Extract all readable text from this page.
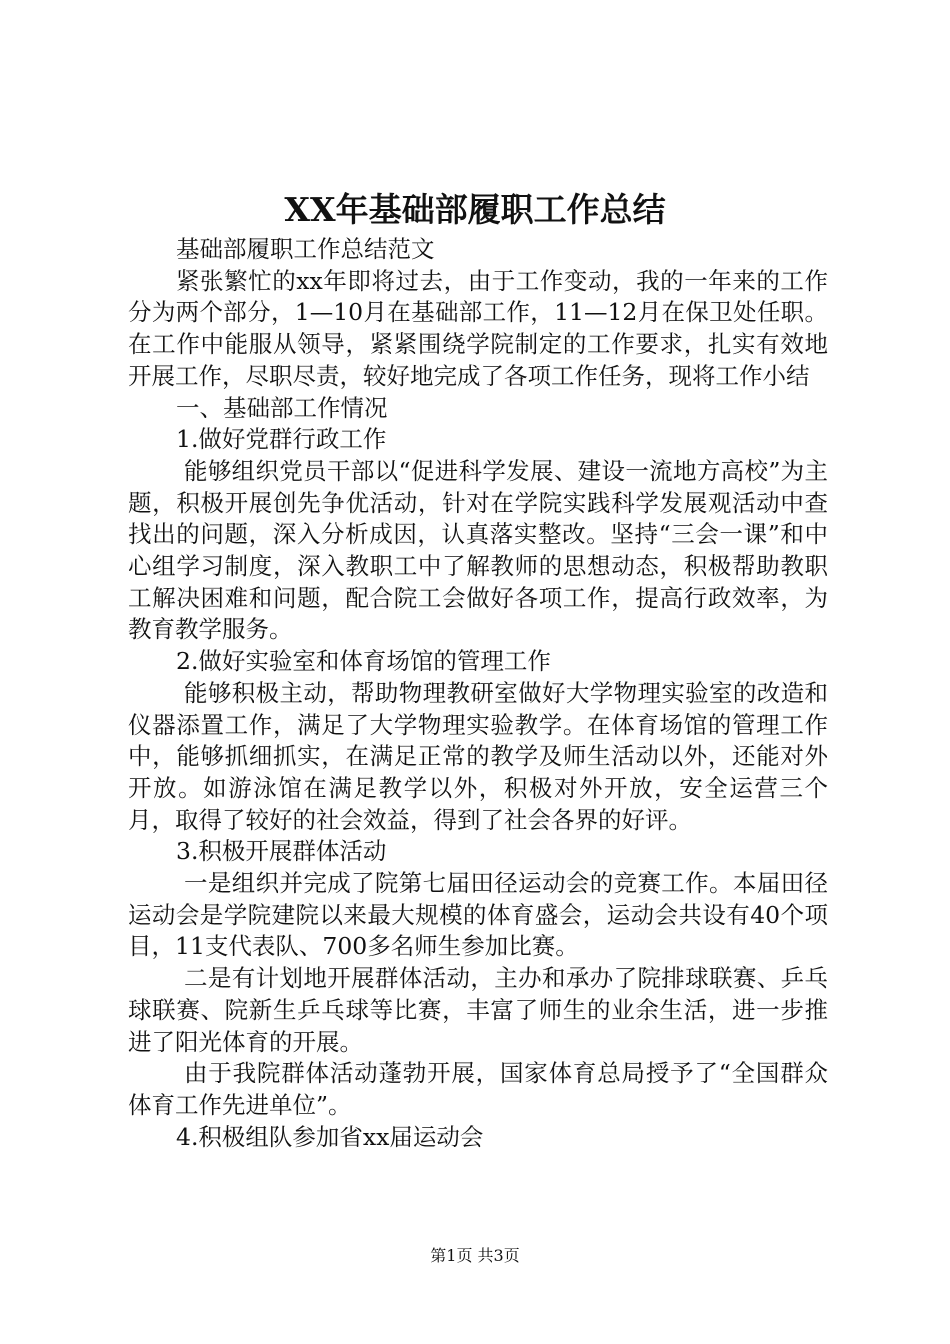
XX年基础部履职工作总结

基础部履职工作总结范文

紧张繁忙的xx年即将过去，由于工作变动，我的一年来的工作分为两个部分，1—10月在基础部工作，11—12月在保卫处任职。在工作中能服从领导，紧紧围绕学院制定的工作要求，扎实有效地开展工作，尽职尽责，较好地完成了各项工作任务，现将工作小结

一、基础部工作情况

1.做好党群行政工作

能够组织党员干部以“促进科学发展、建设一流地方高校”为主题，积极开展创先争优活动，针对在学院实践科学发展观活动中查找出的问题，深入分析成因，认真落实整改。坚持“三会一课”和中心组学习制度，深入教职工中了解教师的思想动态，积极帮助教职工解决困难和问题，配合院工会做好各项工作，提高行政效率，为教育教学服务。

2.做好实验室和体育场馆的管理工作

能够积极主动，帮助物理教研室做好大学物理实验室的改造和仪器添置工作，满足了大学物理实验教学。在体育场馆的管理工作中，能够抓细抓实，在满足正常的教学及师生活动以外，还能对外开放。如游泳馆在满足教学以外，积极对外开放，安全运营三个月，取得了较好的社会效益，得到了社会各界的好评。

3.积极开展群体活动

一是组织并完成了院第七届田径运动会的竞赛工作。本届田径运动会是学院建院以来最大规模的体育盛会，运动会共设有40个项目，11支代表队、700多名师生参加比赛。

二是有计划地开展群体活动，主办和承办了院排球联赛、乒乓球联赛、院新生乒乓球等比赛，丰富了师生的业余生活，进一步推进了阳光体育的开展。

由于我院群体活动蓬勃开展，国家体育总局授予了“全国群众体育工作先进单位”。

4.积极组队参加省xx届运动会

第1页 共3页
